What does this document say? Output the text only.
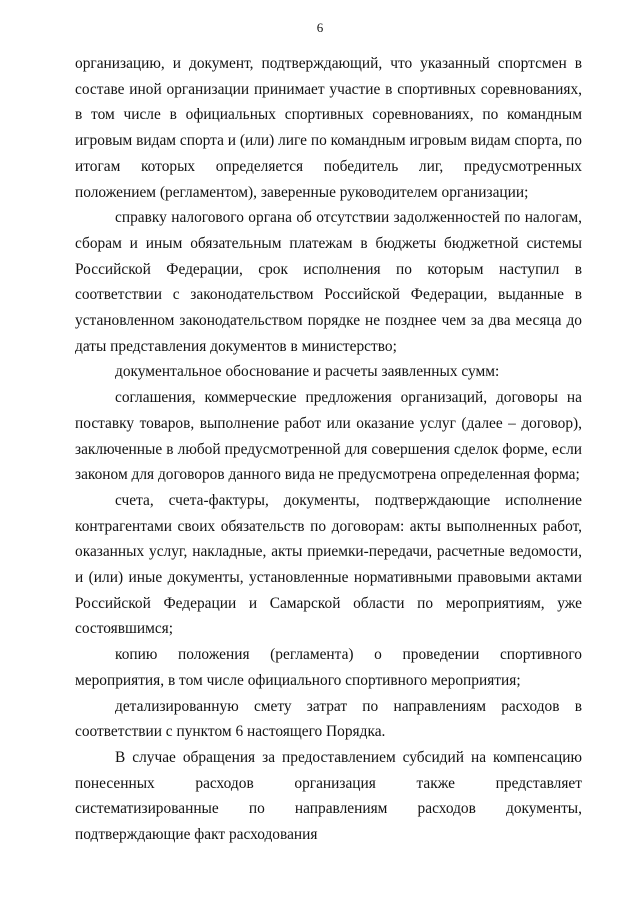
6

организацию, и документ, подтверждающий, что указанный спортсмен в составе иной организации принимает участие в спортивных соревнованиях, в том числе в официальных спортивных соревнованиях, по командным игровым видам спорта и (или) лиге по командным игровым видам спорта, по итогам которых определяется победитель лиг, предусмотренных положением (регламентом), заверенные руководителем организации;

справку налогового органа об отсутствии задолженностей по налогам, сборам и иным обязательным платежам в бюджеты бюджетной системы Российской Федерации, срок исполнения по которым наступил в соответствии с законодательством Российской Федерации, выданные в установленном законодательством порядке не позднее чем за два месяца до даты представления документов в министерство;

документальное обоснование и расчеты заявленных сумм:

соглашения, коммерческие предложения организаций, договоры на поставку товаров, выполнение работ или оказание услуг (далее – договор), заключенные в любой предусмотренной для совершения сделок форме, если законом для договоров данного вида не предусмотрена определенная форма;

счета, счета-фактуры, документы, подтверждающие исполнение контрагентами своих обязательств по договорам: акты выполненных работ, оказанных услуг, накладные, акты приемки-передачи, расчетные ведомости, и (или) иные документы, установленные нормативными правовыми актами Российской Федерации и Самарской области по мероприятиям, уже состоявшимся;

копию положения (регламента) о проведении спортивного мероприятия, в том числе официального спортивного мероприятия;

детализированную смету затрат по направлениям расходов в соответствии с пунктом 6 настоящего Порядка.

В случае обращения за предоставлением субсидий на компенсацию понесенных расходов организация также представляет систематизированные по направлениям расходов документы, подтверждающие факт расходования
